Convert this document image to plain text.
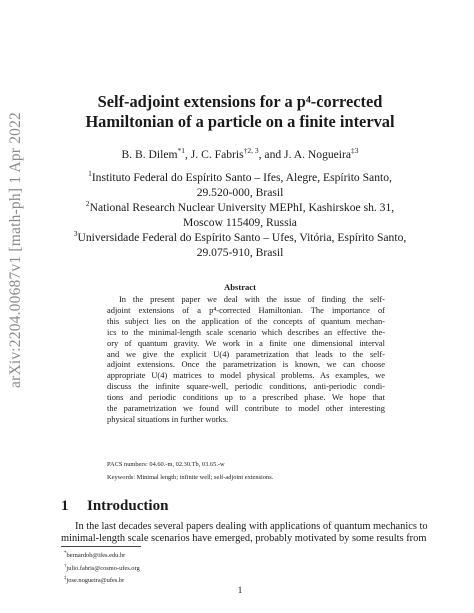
arXiv:2204.00687v1 [math-ph] 1 Apr 2022
Self-adjoint extensions for a p⁴-corrected
Hamiltonian of a particle on a finite interval
B. B. Dilem$^{*1}$, J. C. Fabris$^{\dagger 2, 3}$, and J. A. Nogueira$^{\ddagger 3}$
$^1$Instituto Federal do Espírito Santo – Ifes, Alegre, Espírito Santo,
29.520-000, Brasil
$^2$National Research Nuclear University MEPhI, Kashirskoe sh. 31,
Moscow 115409, Russia
$^3$Universidade Federal do Espírito Santo – Ufes, Vitória, Espírito Santo,
29.075-910, Brasil
Abstract
In the present paper we deal with the issue of finding the self-
adjoint extensions of a p⁴-corrected Hamiltonian. The importance of
this subject lies on the application of the concepts of quantum mechan-
ics to the minimal-length scale scenario which describes an effective the-
ory of quantum gravity. We work in a finite one dimensional interval
and we give the explicit U(4) parametrization that leads to the self-
adjoint extensions. Once the parametrization is known, we can choose
appropriate U(4) matrices to model physical problems. As examples, we
discuss the infinite square-well, periodic conditions, anti-periodic condi-
tions and periodic conditions up to a prescribed phase. We hope that
the parametrization we found will contribute to model other interesting
physical situations in further works.
PACS numbers: 04.60.-m, 02.30.Tb, 03.65.-w
Keywords: Minimal length; infinite well; self-adjoint extensions.
1 Introduction
In the last decades several papers dealing with applications of quantum mechanics to
minimal-length scale scenarios have emerged, probably motivated by some results from
*bernardob@ifes.edu.br
†julio.fabris@cosmo-ufes.org
‡jose.nogueira@ufes.br
1
